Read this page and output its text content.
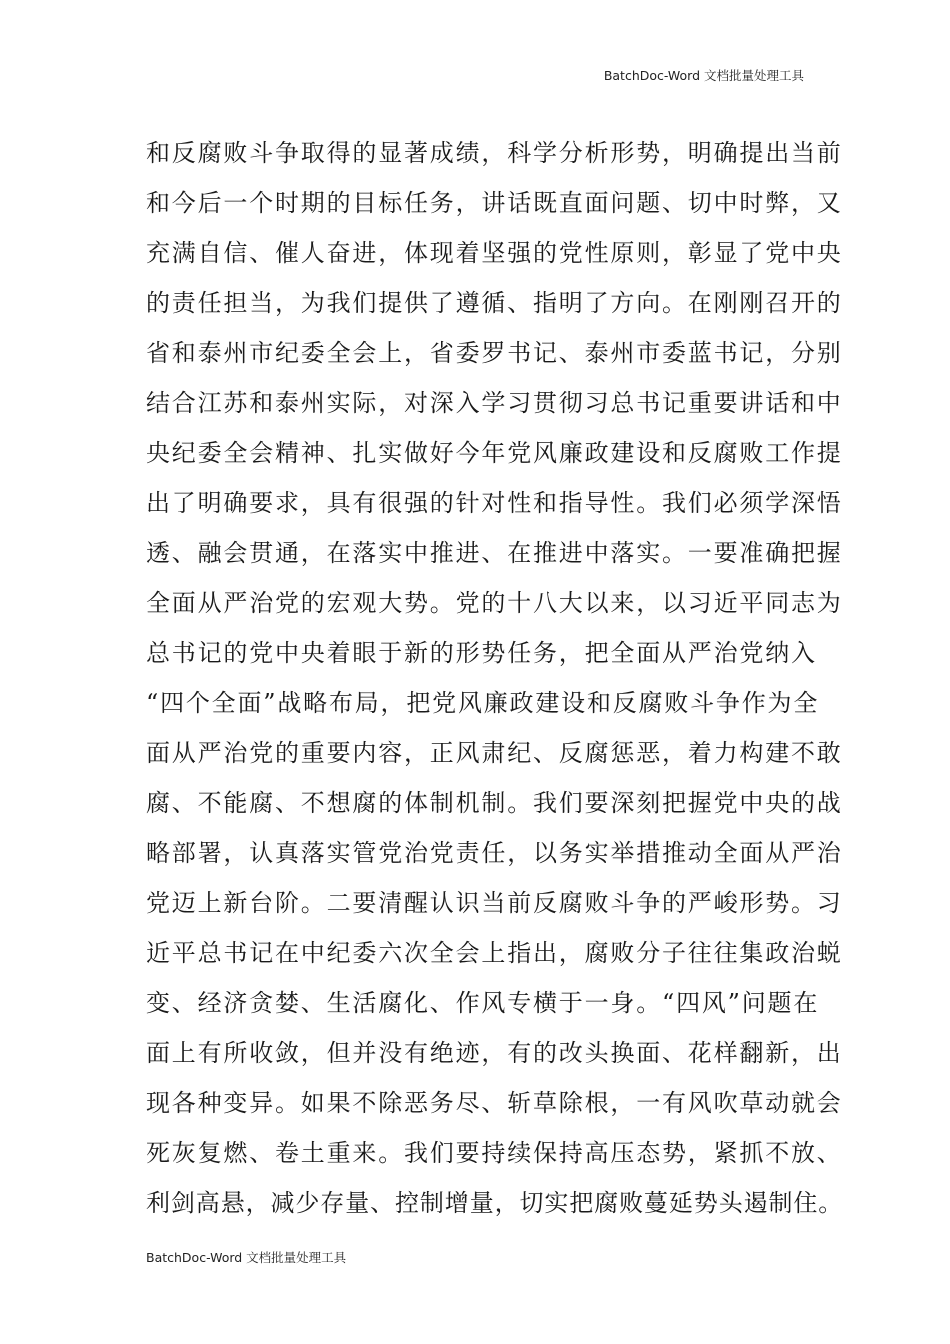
BatchDoc-Word 文档批量处理工具
和反腐败斗争取得的显著成绩，科学分析形势，明确提出当前
和今后一个时期的目标任务，讲话既直面问题、切中时弊，又
充满自信、催人奋进，体现着坚强的党性原则，彰显了党中央
的责任担当，为我们提供了遵循、指明了方向。在刚刚召开的
省和泰州市纪委全会上，省委罗书记、泰州市委蓝书记，分别
结合江苏和泰州实际，对深入学习贯彻习总书记重要讲话和中
央纪委全会精神、扎实做好今年党风廉政建设和反腐败工作提
出了明确要求，具有很强的针对性和指导性。我们必须学深悟
透、融会贯通，在落实中推进、在推进中落实。一要准确把握
全面从严治党的宏观大势。党的十八大以来，以习近平同志为
总书记的党中央着眼于新的形势任务，把全面从严治党纳入
“四个全面”战略布局，把党风廉政建设和反腐败斗争作为全
面从严治党的重要内容，正风肃纪、反腐惩恶，着力构建不敢
腐、不能腐、不想腐的体制机制。我们要深刻把握党中央的战
略部署，认真落实管党治党责任，以务实举措推动全面从严治
党迈上新台阶。二要清醒认识当前反腐败斗争的严峻形势。习
近平总书记在中纪委六次全会上指出，腐败分子往往集政治蜕
变、经济贪婪、生活腐化、作风专横于一身。“四风”问题在
面上有所收敛，但并没有绝迹，有的改头换面、花样翻新，出
现各种变异。如果不除恶务尽、斩草除根，一有风吹草动就会
死灰复燃、卷土重来。我们要持续保持高压态势，紧抓不放、
利剑高悬，减少存量、控制增量，切实把腐败蔓延势头遏制住。
BatchDoc-Word 文档批量处理工具
